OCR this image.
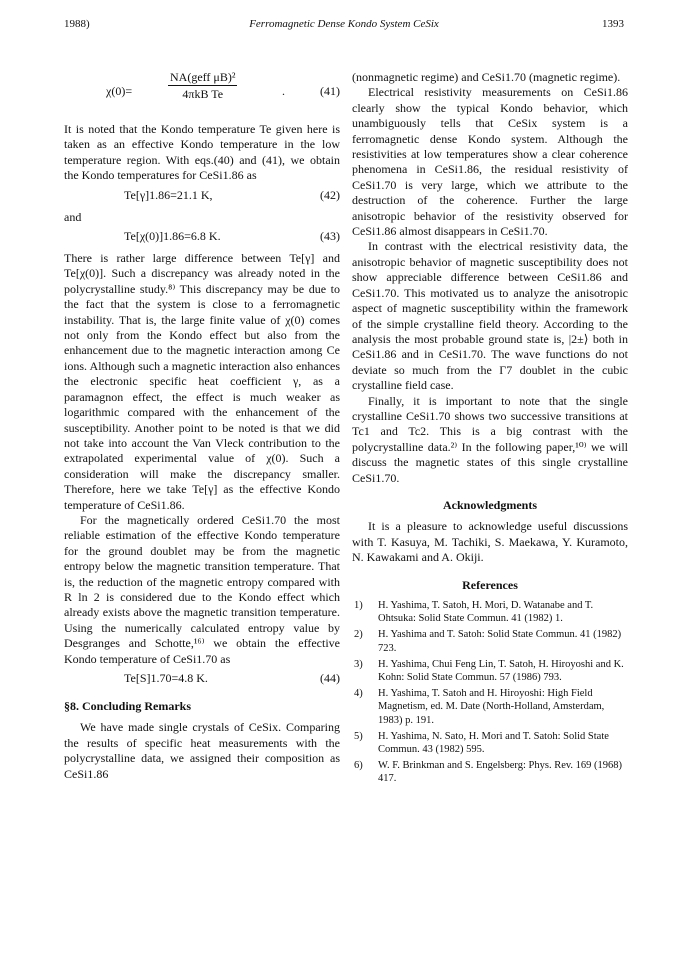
1988)	Ferromagnetic Dense Kondo System CeSix	1393
χ(0)=
NA(geff μB)²
4πkB Te	.	(41)

It is noted that the Kondo temperature Te given here is taken as an effective Kondo temperature in the low temperature region. With eqs.(40) and (41), we obtain the Kondo temperatures for CeSi1.86 as

Te[γ]1.86=21.1 K,	(42)

and

Te[χ(0)]1.86=6.8 K.	(43)

There is rather large difference between Te[γ] and Te[χ(0)]. Such a discrepancy was already noted in the polycrystalline study.⁸⁾ This discrepancy may be due to the fact that the system is close to a ferromagnetic instability. That is, the large finite value of χ(0) comes not only from the Kondo effect but also from the enhancement due to the magnetic interaction among Ce ions. Although such a magnetic interaction also enhances the electronic specific heat coefficient γ, as a paramagnon effect, the effect is much weaker as logarithmic compared with the enhancement of the susceptibility. Another point to be noted is that we did not take into account the Van Vleck contribution to the extrapolated experimental value of χ(0). Such a consideration will make the discrepancy smaller. Therefore, here we take Te[γ] as the effective Kondo temperature of CeSi1.86.

For the magnetically ordered CeSi1.70 the most reliable estimation of the effective Kondo temperature for the ground doublet may be from the magnetic entropy below the magnetic transition temperature. That is, the reduction of the magnetic entropy compared with R ln 2 is considered due to the Kondo effect which already exists above the magnetic transition temperature. Using the numerically calculated entropy value by Desgranges and Schotte,¹⁶⁾ we obtain the effective Kondo temperature of CeSi1.70 as

Te[S]1.70=4.8 K.	(44)
§8. Concluding Remarks

We have made single crystals of CeSix. Comparing the results of specific heat measurements with the polycrystalline data, we assigned their composition as CeSi1.86

(nonmagnetic regime) and CeSi1.70 (magnetic regime).

Electrical resistivity measurements on CeSi1.86 clearly show the typical Kondo behavior, which unambiguously tells that CeSix system is a ferromagnetic dense Kondo system. Although the resistivities at low temperatures show a clear coherence phenomena in CeSi1.86, the residual resistivity of CeSi1.70 is very large, which we attribute to the destruction of the coherence. Further the large anisotropic behavior of the resistivity observed for CeSi1.86 almost disappears in CeSi1.70.

In contrast with the electrical resistivity data, the anisotropic behavior of magnetic susceptibility does not show appreciable difference between CeSi1.86 and CeSi1.70. This motivated us to analyze the anisotropic aspect of magnetic susceptibility within the framework of the simple crystalline field theory. According to the analysis the most probable ground state is, |2±⟩ both in CeSi1.86 and in CeSi1.70. The wave functions do not deviate so much from the Γ7 doublet in the cubic crystalline field case.

Finally, it is important to note that the single crystalline CeSi1.70 shows two successive transitions at Tc1 and Tc2. This is a big contrast with the polycrystalline data.²⁾ In the following paper,¹⁰⁾ we will discuss the magnetic states of this single crystalline CeSi1.70.

Acknowledgments

It is a pleasure to acknowledge useful discussions with T. Kasuya, M. Tachiki, S. Maekawa, Y. Kuramoto, N. Kawakami and A. Okiji.

References
1) H. Yashima, T. Satoh, H. Mori, D. Watanabe and T. Ohtsuka: Solid State Commun. 41 (1982) 1.
2) H. Yashima and T. Satoh: Solid State Commun. 41 (1982) 723.
3) H. Yashima, Chui Feng Lin, T. Satoh, H. Hiroyoshi and K. Kohn: Solid State Commun. 57 (1986) 793.
4) H. Yashima, T. Satoh and H. Hiroyoshi: High Field Magnetism, ed. M. Date (North-Holland, Amsterdam, 1983) p. 191.
5) H. Yashima, N. Sato, H. Mori and T. Satoh: Solid State Commun. 43 (1982) 595.
6) W. F. Brinkman and S. Engelsberg: Phys. Rev. 169 (1968) 417.
